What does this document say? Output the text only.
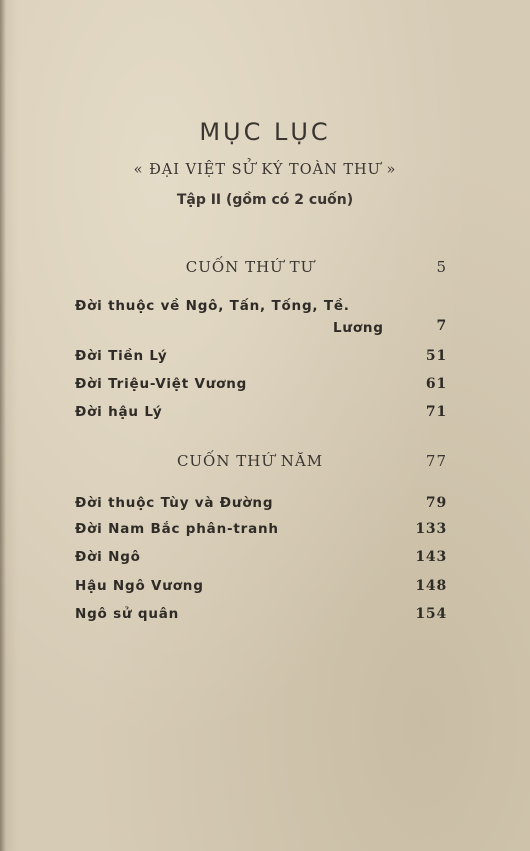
MỤC LỤC
« ĐẠI VIỆT SỬ KÝ TOÀN THƯ »
Tập II (gồm có 2 cuốn)
CUỐN THỨ TƯ	5
Đời thuộc về Ngô, Tấn, Tống, Tề.
Lương	7
Đời Tiền Lý	51
Đời Triệu-Việt Vương	61
Đời hậu Lý	71
CUỐN THỨ NĂM	77
Đời thuộc Tùy và Đường	79
Đời Nam Bắc phân-tranh	133
Đời Ngô	143
Hậu Ngô Vương	148
Ngô sử quân	154
